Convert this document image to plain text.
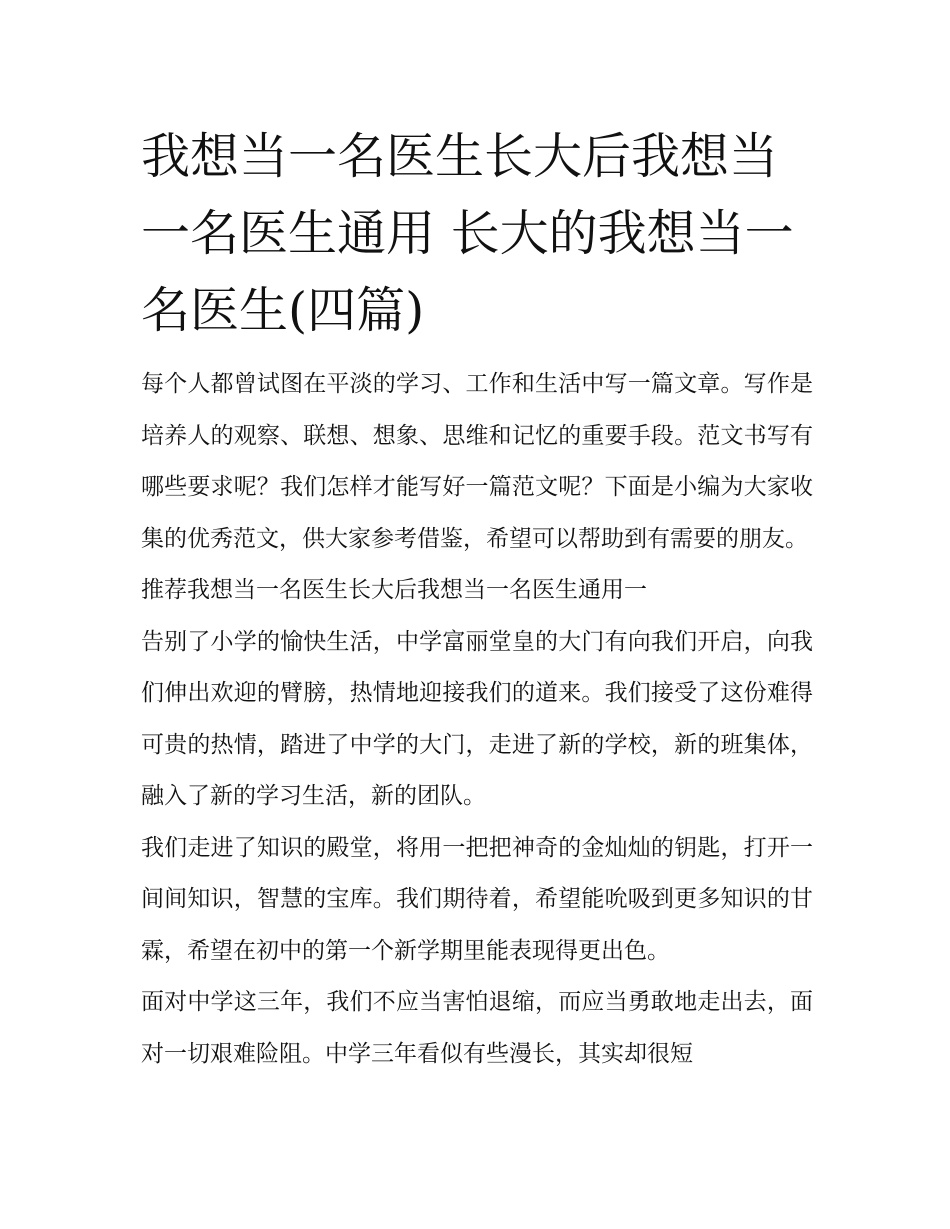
我想当一名医生长大后我想当一名医生通用 长大的我想当一名医生(四篇)

每个人都曾试图在平淡的学习、工作和生活中写一篇文章。写作是培养人的观察、联想、想象、思维和记忆的重要手段。范文书写有哪些要求呢？我们怎样才能写好一篇范文呢？下面是小编为大家收集的优秀范文，供大家参考借鉴，希望可以帮助到有需要的朋友。

推荐我想当一名医生长大后我想当一名医生通用一

告别了小学的愉快生活，中学富丽堂皇的大门有向我们开启，向我们伸出欢迎的臂膀，热情地迎接我们的道来。我们接受了这份难得可贵的热情，踏进了中学的大门，走进了新的学校，新的班集体，融入了新的学习生活，新的团队。

我们走进了知识的殿堂，将用一把把神奇的金灿灿的钥匙，打开一间间知识，智慧的宝库。我们期待着，希望能吮吸到更多知识的甘霖，希望在初中的第一个新学期里能表现得更出色。

面对中学这三年，我们不应当害怕退缩，而应当勇敢地走出去，面对一切艰难险阻。中学三年看似有些漫长，其实却很短
